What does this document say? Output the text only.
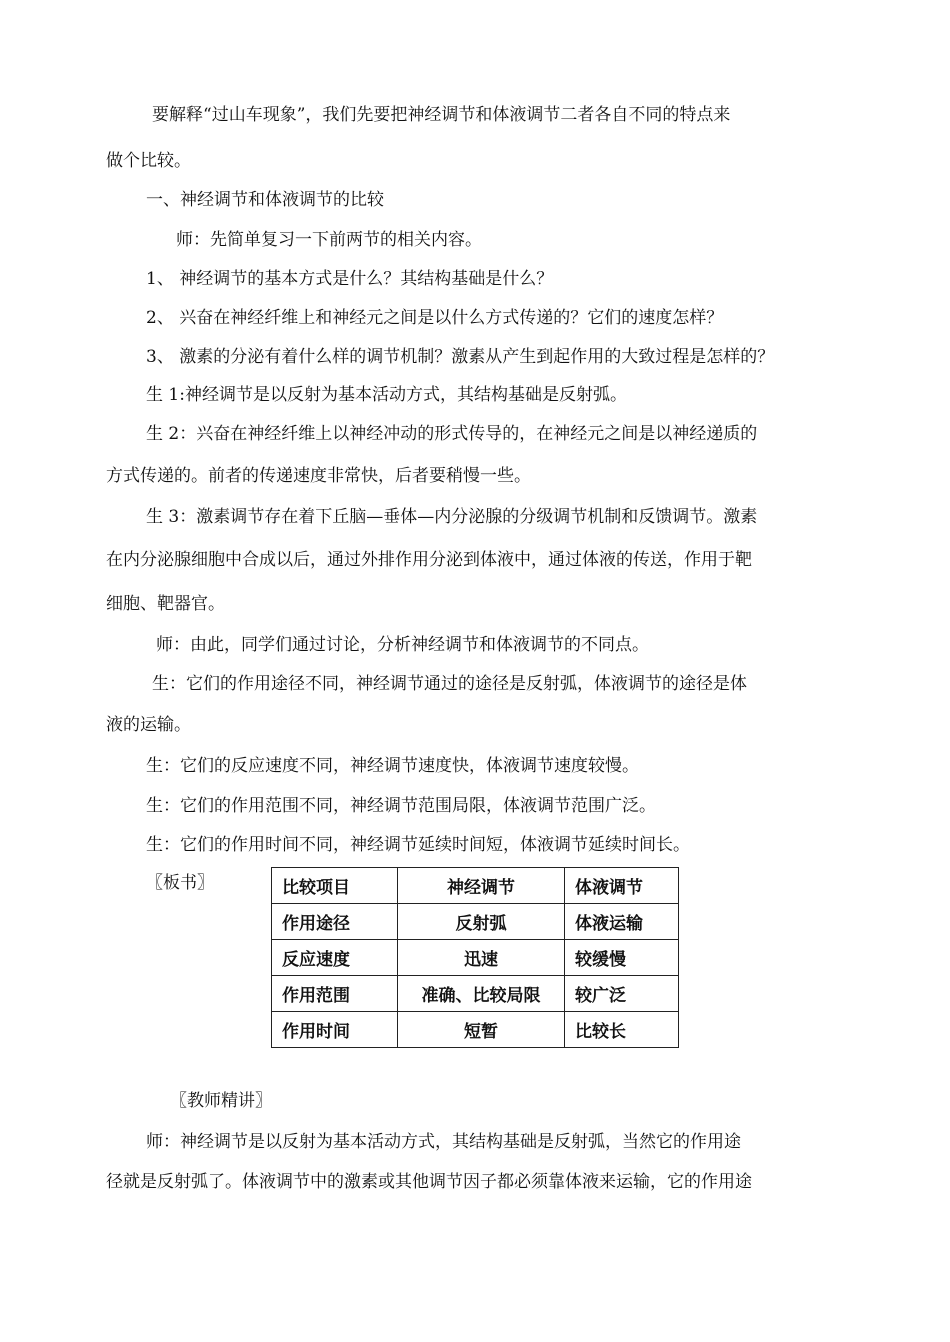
要解释“过山车现象”，我们先要把神经调节和体液调节二者各自不同的特点来
做个比较。
一、神经调节和体液调节的比较
师：先简单复习一下前两节的相关内容。
1、 神经调节的基本方式是什么？其结构基础是什么？
2、 兴奋在神经纤维上和神经元之间是以什么方式传递的？它们的速度怎样？
3、 激素的分泌有着什么样的调节机制？激素从产生到起作用的大致过程是怎样的？
生 1:神经调节是以反射为基本活动方式，其结构基础是反射弧。
生 2：兴奋在神经纤维上以神经冲动的形式传导的，在神经元之间是以神经递质的
方式传递的。前者的传递速度非常快，后者要稍慢一些。
生 3：激素调节存在着下丘脑—垂体—内分泌腺的分级调节机制和反馈调节。激素
在内分泌腺细胞中合成以后，通过外排作用分泌到体液中，通过体液的传送，作用于靶
细胞、靶器官。
师：由此，同学们通过讨论，分析神经调节和体液调节的不同点。
生：它们的作用途径不同，神经调节通过的途径是反射弧，体液调节的途径是体
液的运输。
生：它们的反应速度不同，神经调节速度快，体液调节速度较慢。
生：它们的作用范围不同，神经调节范围局限，体液调节范围广泛。
生：它们的作用时间不同，神经调节延续时间短，体液调节延续时间长。
〖板书〗	比较项目	神经调节	体液调节
作用途径	反射弧	体液运输
反应速度	迅速	较缓慢
作用范围	准确、比较局限	较广泛
作用时间	短暂	比较长
〖教师精讲〗
师：神经调节是以反射为基本活动方式，其结构基础是反射弧，当然它的作用途
径就是反射弧了。体液调节中的激素或其他调节因子都必须靠体液来运输，它的作用途
